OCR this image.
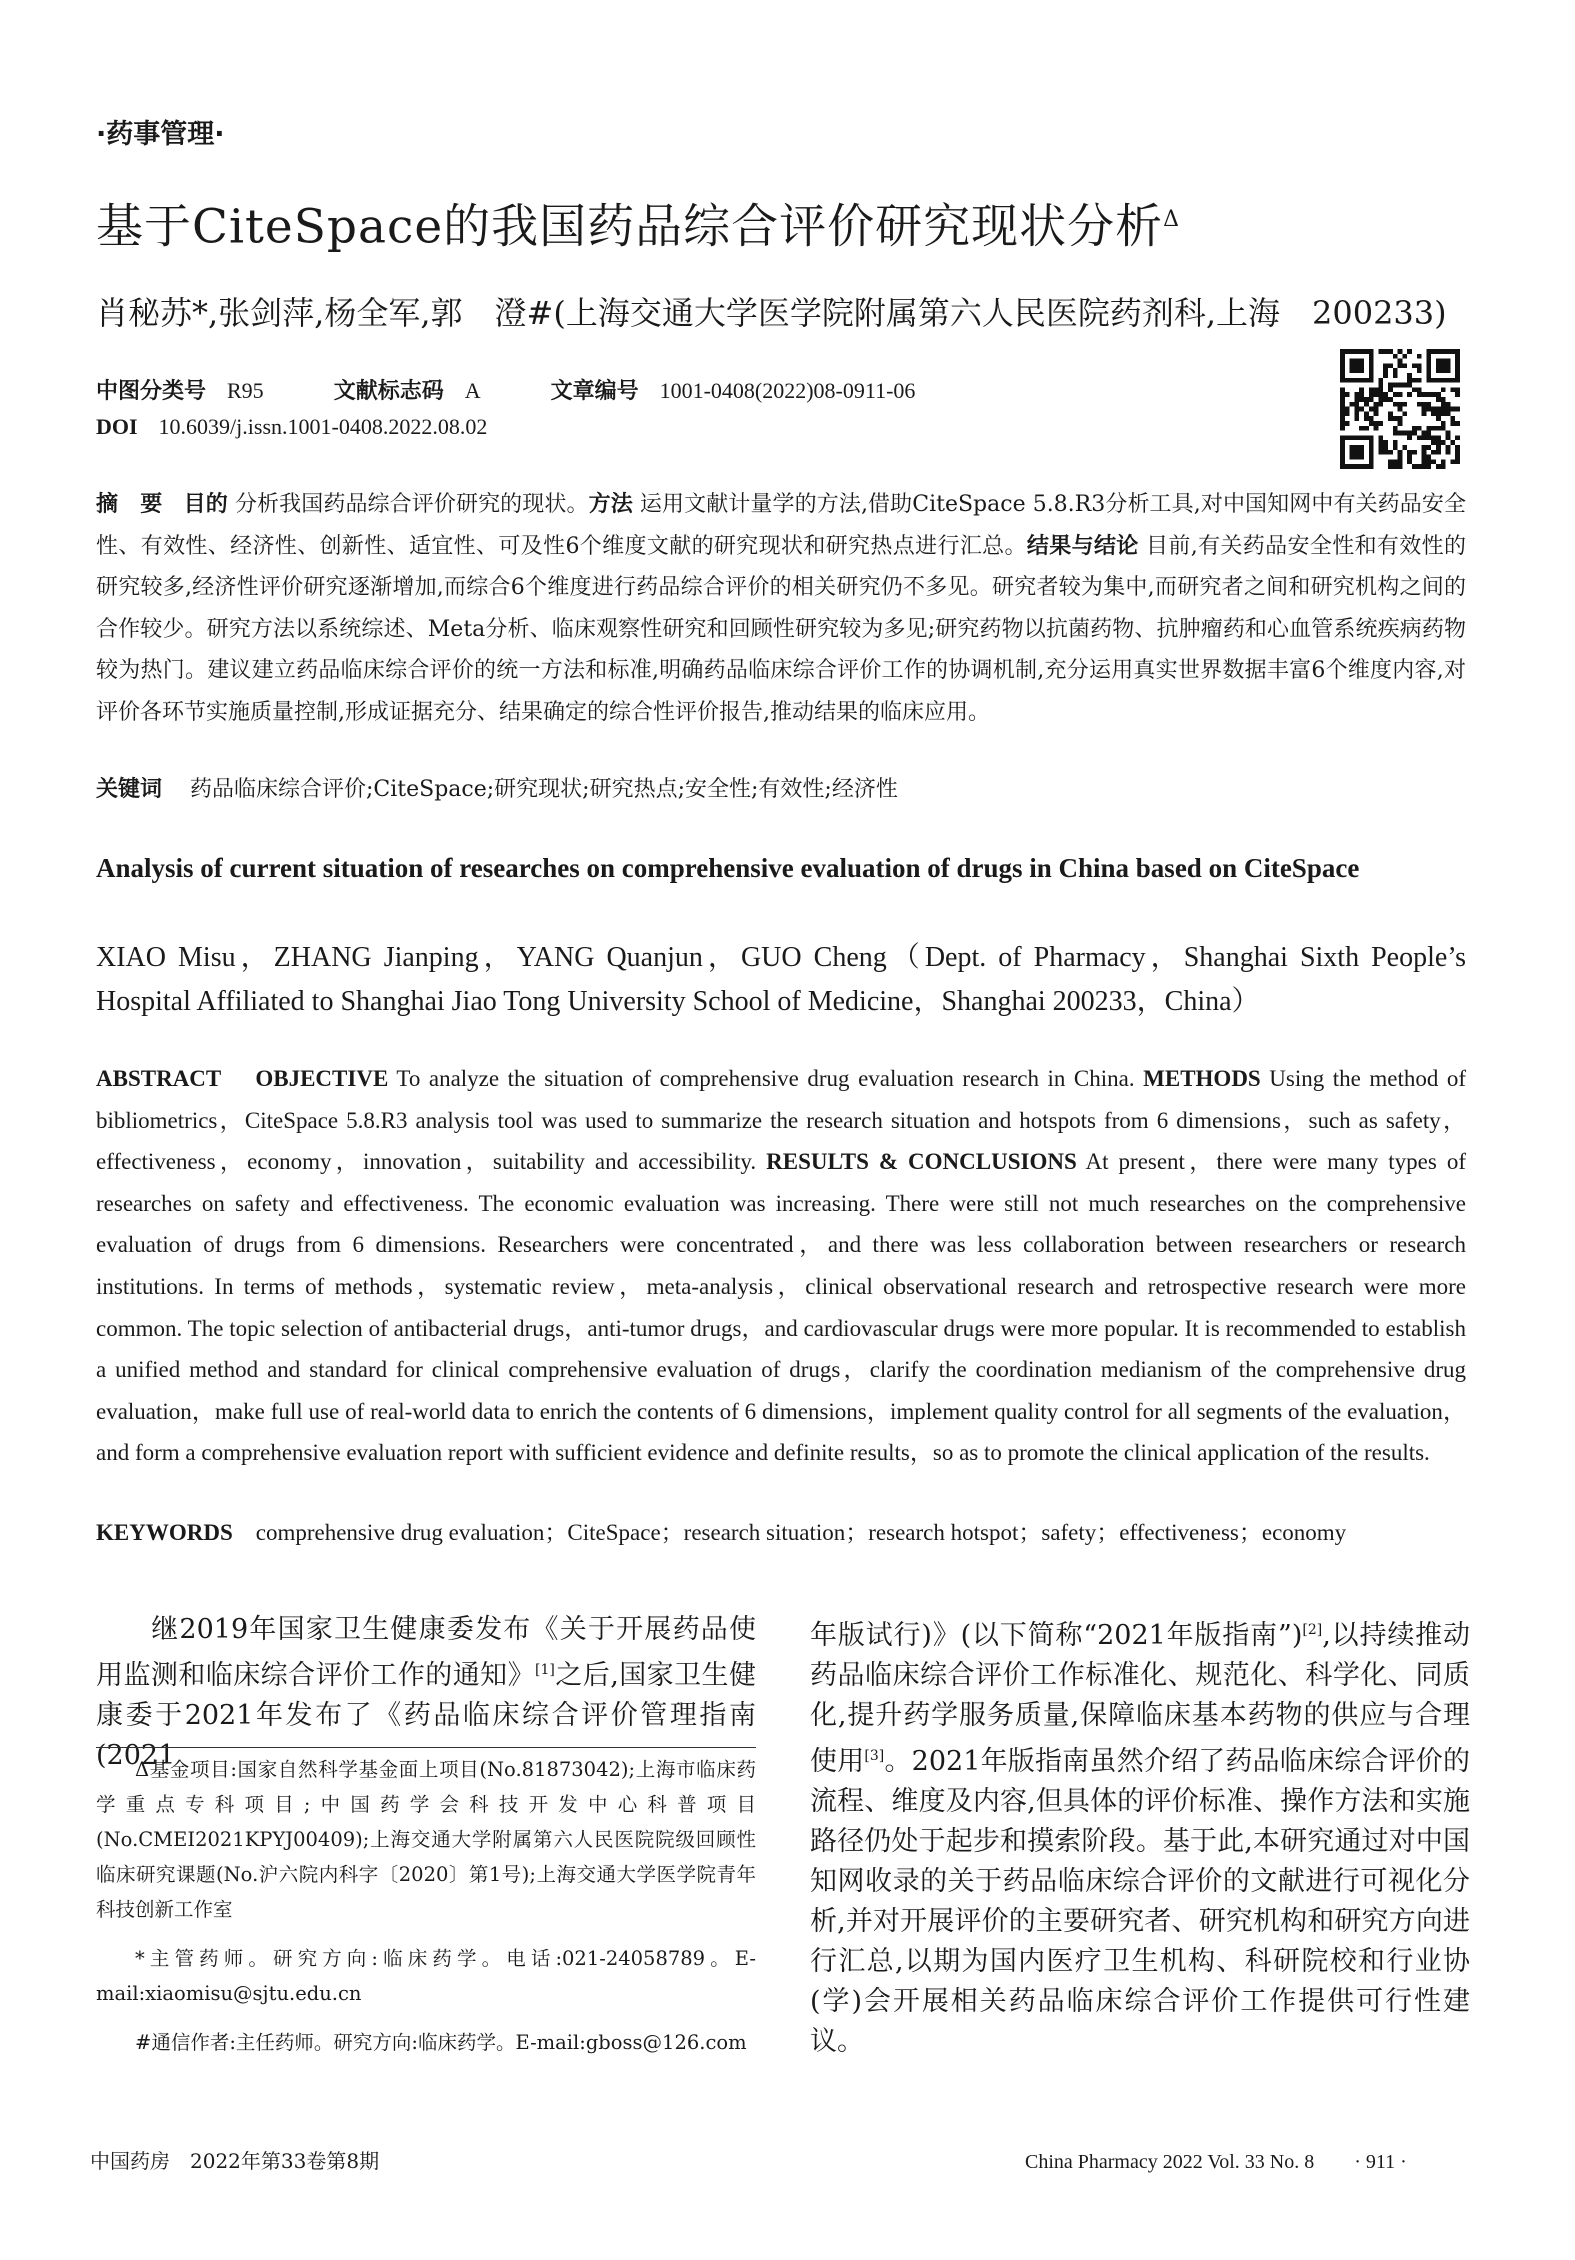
·药事管理·
基于CiteSpace的我国药品综合评价研究现状分析$^\Delta$
肖秘苏*,张剑萍,杨全军,郭　澄#(上海交通大学医学院附属第六人民医院药剂科,上海　200233)
中图分类号 R95	文献标志码 A	文章编号 1001-0408(2022)08-0911-06
DOI 10.6039/j.issn.1001-0408.2022.08.02
摘　要 目的 分析我国药品综合评价研究的现状。方法 运用文献计量学的方法,借助CiteSpace 5.8.R3分析工具,对中国知网中有关药品安全性、有效性、经济性、创新性、适宜性、可及性6个维度文献的研究现状和研究热点进行汇总。结果与结论 目前,有关药品安全性和有效性的研究较多,经济性评价研究逐渐增加,而综合6个维度进行药品综合评价的相关研究仍不多见。研究者较为集中,而研究者之间和研究机构之间的合作较少。研究方法以系统综述、Meta分析、临床观察性研究和回顾性研究较为多见;研究药物以抗菌药物、抗肿瘤药和心血管系统疾病药物较为热门。建议建立药品临床综合评价的统一方法和标准,明确药品临床综合评价工作的协调机制,充分运用真实世界数据丰富6个维度内容,对评价各环节实施质量控制,形成证据充分、结果确定的综合性评价报告,推动结果的临床应用。
关键词 药品临床综合评价;CiteSpace;研究现状;研究热点;安全性;有效性;经济性
Analysis of current situation of researches on comprehensive evaluation of drugs in China based on CiteSpace
XIAO Misu，ZHANG Jianping，YANG Quanjun，GUO Cheng（Dept. of Pharmacy，Shanghai Sixth People’s Hospital Affiliated to Shanghai Jiao Tong University School of Medicine，Shanghai 200233，China）
ABSTRACT OBJECTIVE To analyze the situation of comprehensive drug evaluation research in China. METHODS Using the method of bibliometrics，CiteSpace 5.8.R3 analysis tool was used to summarize the research situation and hotspots from 6 dimensions，such as safety，effectiveness，economy，innovation，suitability and accessibility. RESULTS & CONCLUSIONS At present，there were many types of researches on safety and effectiveness. The economic evaluation was increasing. There were still not much researches on the comprehensive evaluation of drugs from 6 dimensions. Researchers were concentrated，and there was less collaboration between researchers or research institutions. In terms of methods，systematic review，meta-analysis，clinical observational research and retrospective research were more common. The topic selection of antibacterial drugs，anti-tumor drugs，and cardiovascular drugs were more popular. It is recommended to establish a unified method and standard for clinical comprehensive evaluation of drugs，clarify the coordination medianism of the comprehensive drug evaluation，make full use of real-world data to enrich the contents of 6 dimensions，implement quality control for all segments of the evaluation，and form a comprehensive evaluation report with sufficient evidence and definite results，so as to promote the clinical application of the results.
KEYWORDS comprehensive drug evaluation；CiteSpace；research situation；research hotspot；safety；effectiveness；economy
  继2019年国家卫生健康委发布《关于开展药品使用监测和临床综合评价工作的通知》[1]之后,国家卫生健康委于2021年发布了《药品临床综合评价管理指南(2021

Δ基金项目:国家自然科学基金面上项目(No.81873042);上海市临床药学重点专科项目;中国药学会科技开发中心科普项目(No.CMEI2021KPYJ00409);上海交通大学附属第六人民医院院级回顾性临床研究课题(No.沪六院内科字〔2020〕第1号);上海交通大学医学院青年科技创新工作室

*主管药师。研究方向:临床药学。电话:021-24058789。E-mail:xiaomisu@sjtu.edu.cn

#通信作者:主任药师。研究方向:临床药学。E-mail:gboss@126.com

年版试行)》(以下简称“2021年版指南”)[2],以持续推动药品临床综合评价工作标准化、规范化、科学化、同质化,提升药学服务质量,保障临床基本药物的供应与合理使用[3]。2021年版指南虽然介绍了药品临床综合评价的流程、维度及内容,但具体的评价标准、操作方法和实施路径仍处于起步和摸索阶段。基于此,本研究通过对中国知网收录的关于药品临床综合评价的文献进行可视化分析,并对开展评价的主要研究者、研究机构和研究方向进行汇总,以期为国内医疗卫生机构、科研院校和行业协(学)会开展相关药品临床综合评价工作提供可行性建议。
中国药房　2022年第33卷第8期	China Pharmacy 2022 Vol. 33 No. 8　　· 911 ·
